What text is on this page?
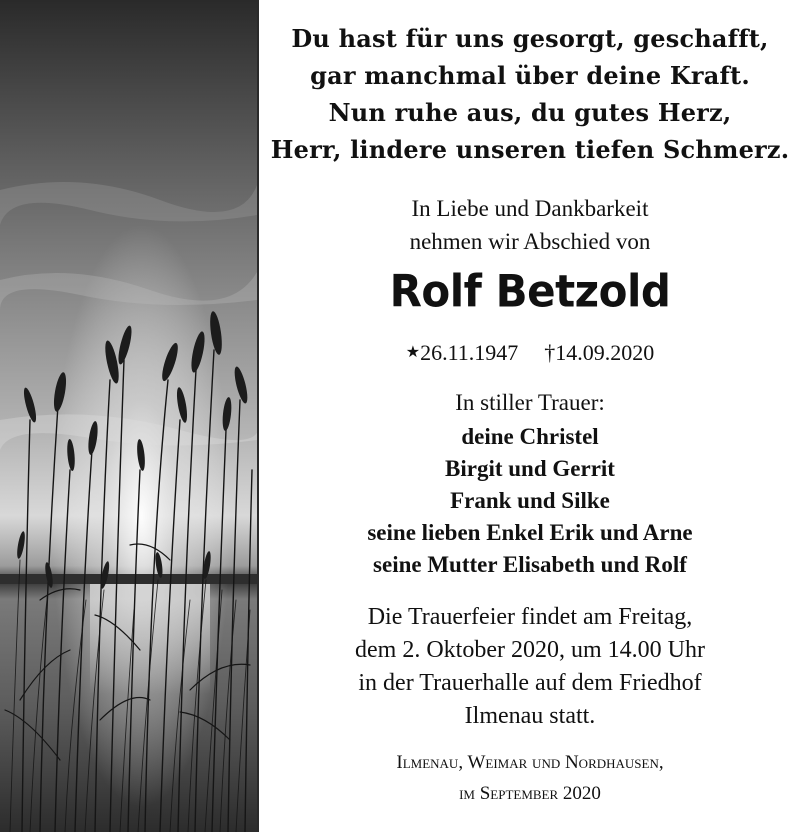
Du hast für uns gesorgt, geschafft,
gar manchmal über deine Kraft.
Nun ruhe aus, du gutes Herz,
Herr, lindere unseren tiefen Schmerz.
In Liebe und Dankbarkeit
nehmen wir Abschied von
Rolf Betzold
★26.11.1947 †14.09.2020
In stiller Trauer:
deine Christel
Birgit und Gerrit
Frank und Silke
seine lieben Enkel Erik und Arne
seine Mutter Elisabeth und Rolf
Die Trauerfeier findet am Freitag,
dem 2. Oktober 2020, um 14.00 Uhr
in der Trauerhalle auf dem Friedhof
Ilmenau statt.
Ilmenau, Weimar und Nordhausen,
im September 2020
